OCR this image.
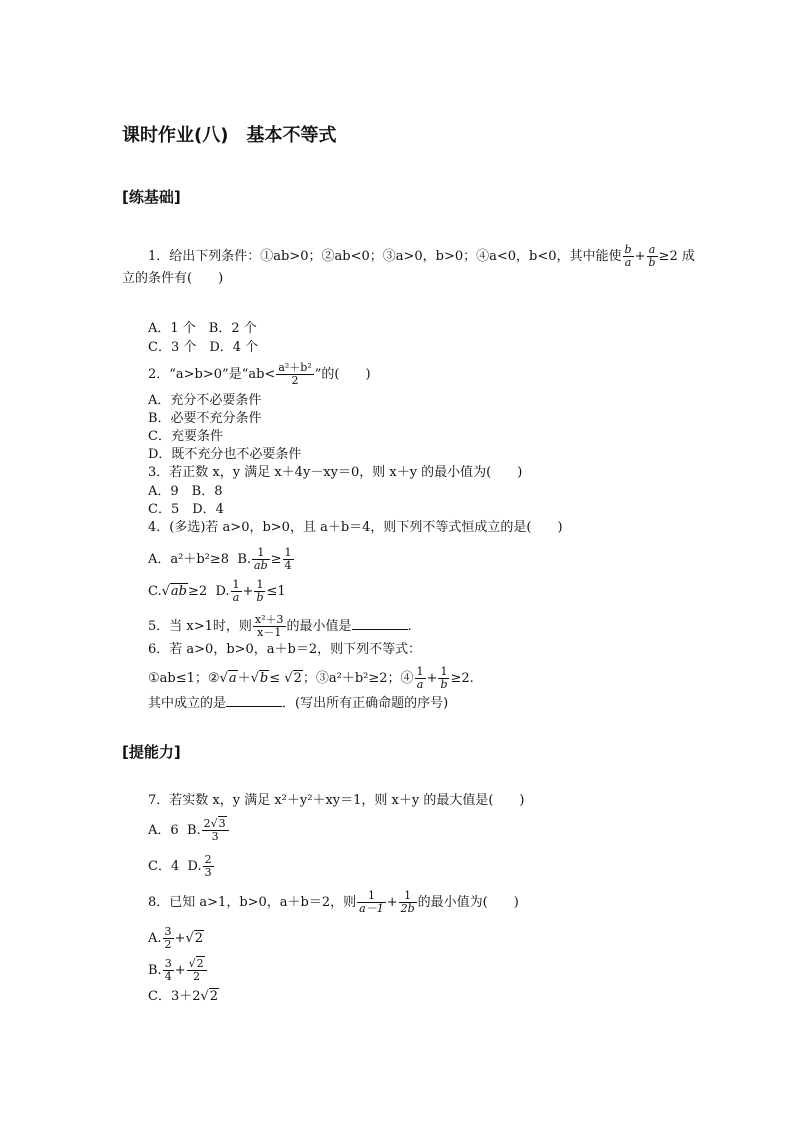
课时作业(八)　基本不等式
[练基础]
1．给出下列条件：①ab>0；②ab<0；③a>0，b>0；④a<0，b<0，其中能使 $\frac{b}{a} + \frac{a}{b} \ge 2$ 成
立的条件有(　　)
A．1 个　B．2 个
C．3 个　D．4 个
2．“a>b>0”是“$ab< \frac{\text{a²＋b²}}{2}$ ”的(　　)
A．充分不必要条件
B．必要不充分条件
C．充要条件
D．既不充分也不必要条件
3．若正数 x，y 满足 x＋4y－xy＝0，则 x＋y 的最小值为(　　)
A．9　B．8
C．5　D．4
4．(多选)若 a>0，b>0，且 a＋b＝4，则下列不等式恒成立的是(　　)
A．a²＋b²≥8 B. $\frac{1}{ab} \ge \frac{1}{4}$
C.√ab≥2 D. $\frac{1}{a} + \frac{1}{b} \le 1$
5．当 x>1时，则 $\frac{\text{x²＋3}}{x-1}$ 的最小值是	.
6．若 a>0，b>0，a＋b＝2，则下列不等式：
①ab≤1；②√a＋√b≤ √2；③a²＋b²≥2；④ $\frac{1}{a} + \frac{1}{b} \ge 2$.
其中成立的是	．(写出所有正确命题的序号)
[提能力]
7．若实数 x，y 满足 x²＋y²＋xy＝1，则 x＋y 的最大值是(　　)
A．6 B. $\frac{2√3}{3}$
C．4 D. $\frac{2}{3}$
8．已知 a>1，b>0，a＋b＝2，则 $\frac{1}{a-1} + \frac{1}{2b}$ 的最小值为(　　)
A. $\frac{3}{2} +√2$
B. $\frac{3}{4} + \frac{√2}{2}$
C．3＋2√2
